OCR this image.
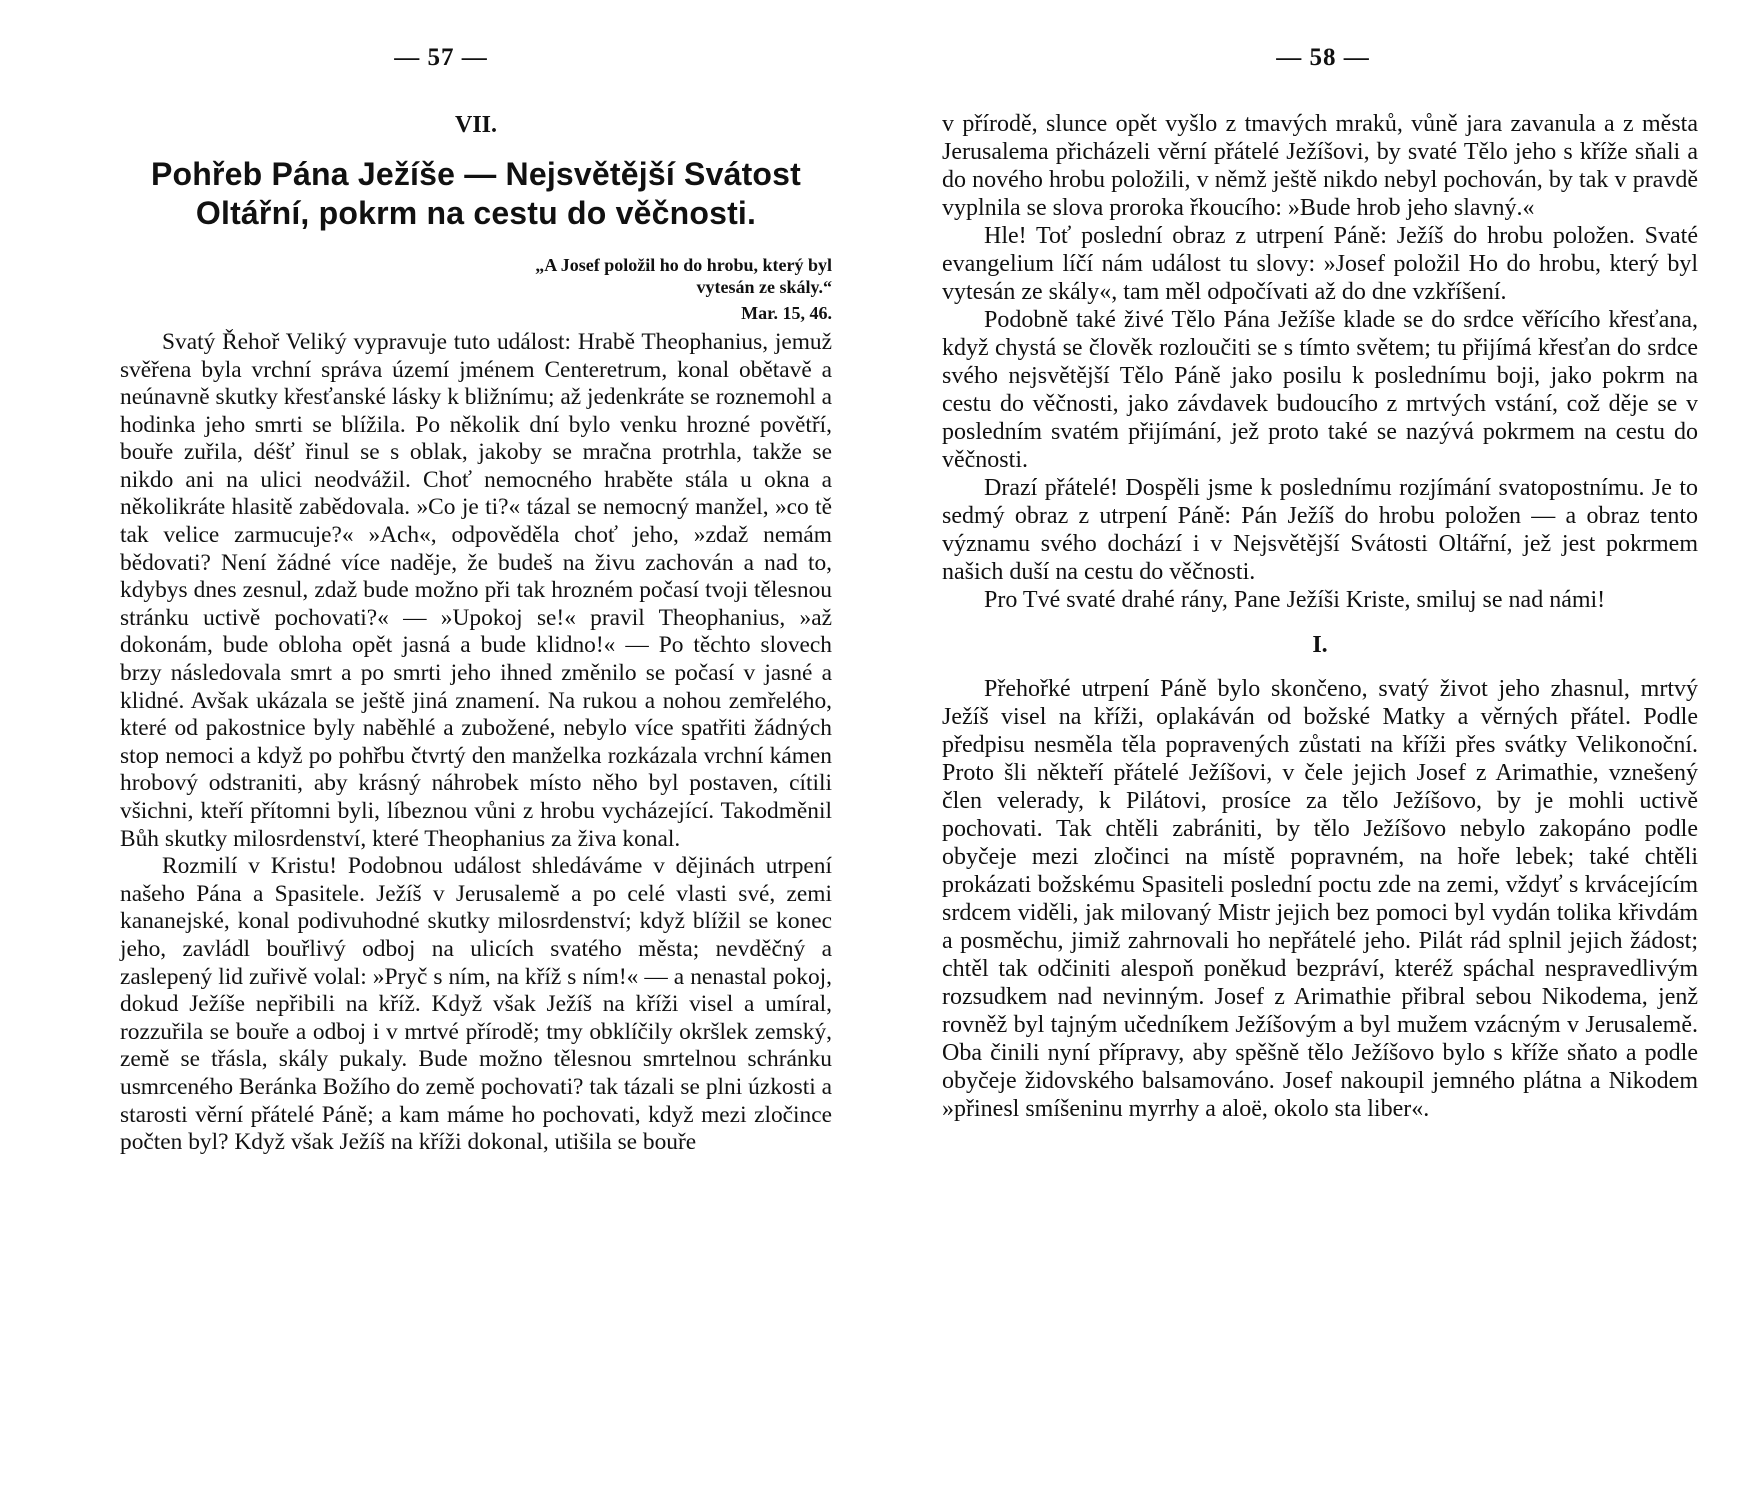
— 57 —
VII.
Pohřeb Pána Ježíše — Nejsvětější Svátost Oltářní, pokrm na cestu do věčnosti.
„A Josef položil ho do hrobu, který byl vytesán ze skály.“
Mar. 15, 46.

Svatý Řehoř Veliký vypravuje tuto událost: Hrabě Theophanius, jemuž svěřena byla vrchní správa území jménem Centeretrum, konal obětavě a neúnavně skutky křesťanské lásky k bližnímu; až jedenkráte se roznemohl a hodinka jeho smrti se blížila. Po několik dní bylo venku hrozné povětří, bouře zuřila, déšť řinul se s oblak, jakoby se mračna protrhla, takže se nikdo ani na ulici neodvážil. Choť nemocného hraběte stála u okna a několikráte hlasitě zabědovala. »Co je ti?« tázal se nemocný manžel, »co tě tak velice zarmucuje?« »Ach«, odpověděla choť jeho, »zdaž nemám bědovati? Není žádné více naděje, že budeš na živu zachován a nad to, kdybys dnes zesnul, zdaž bude možno při tak hrozném počasí tvoji tělesnou stránku uctivě pochovati?« — »Upokoj se!« pravil Theophanius, »až dokonám, bude obloha opět jasná a bude klidno!« — Po těchto slovech brzy následovala smrt a po smrti jeho ihned změnilo se počasí v jasné a klidné. Avšak ukázala se ještě jiná znamení. Na rukou a nohou zemřelého, které od pakostnice byly naběhlé a zubožené, nebylo více spatřiti žádných stop nemoci a když po pohřbu čtvrtý den manželka rozkázala vrchní kámen hrobový odstraniti, aby krásný náhrobek místo něho byl postaven, cítili všichni, kteří přítomni byli, líbeznou vůni z hrobu vycházející. Takodměnil Bůh skutky milosrdenství, které Theophanius za živa konal.

Rozmilí v Kristu! Podobnou událost shledáváme v dějinách utrpení našeho Pána a Spasitele. Ježíš v Jerusalemě a po celé vlasti své, zemi kananejské, konal podivuhodné skutky milosrdenství; když blížil se konec jeho, zavládl bouřlivý odboj na ulicích svatého města; nevděčný a zaslepený lid zuřivě volal: »Pryč s ním, na kříž s ním!« — a nenastal pokoj, dokud Ježíše nepřibili na kříž. Když však Ježíš na kříži visel a umíral, rozzuřila se bouře a odboj i v mrtvé přírodě; tmy obklíčily okršlek zemský, země se třásla, skály pukaly. Bude možno tělesnou smrtelnou schránku usmrceného Beránka Božího do země pochovati? tak tázali se plni úzkosti a starosti věrní přátelé Páně; a kam máme ho pochovati, když mezi zločince počten byl? Když však Ježíš na kříži dokonal, utišila se bouře

— 58 —

v přírodě, slunce opět vyšlo z tmavých mraků, vůně jara zavanula a z města Jerusalema přicházeli věrní přátelé Ježíšovi, by svaté Tělo jeho s kříže sňali a do nového hrobu položili, v němž ještě nikdo nebyl pochován, by tak v pravdě vyplnila se slova proroka řkoucího: »Bude hrob jeho slavný.«

Hle! Toť poslední obraz z utrpení Páně: Ježíš do hrobu položen. Svaté evangelium líčí nám událost tu slovy: »Josef položil Ho do hrobu, který byl vytesán ze skály«, tam měl odpočívati až do dne vzkříšení.

Podobně také živé Tělo Pána Ježíše klade se do srdce věřícího křesťana, když chystá se člověk rozloučiti se s tímto světem; tu přijímá křesťan do srdce svého nejsvětější Tělo Páně jako posilu k poslednímu boji, jako pokrm na cestu do věčnosti, jako závdavek budoucího z mrtvých vstání, což děje se v posledním svatém přijímání, jež proto také se nazývá pokrmem na cestu do věčnosti.

Drazí přátelé! Dospěli jsme k poslednímu rozjímání svatopostnímu. Je to sedmý obraz z utrpení Páně: Pán Ježíš do hrobu položen — a obraz tento významu svého dochází i v Nejsvětější Svátosti Oltářní, jež jest pokrmem našich duší na cestu do věčnosti.

Pro Tvé svaté drahé rány, Pane Ježíši Kriste, smiluj se nad námi!

I.

Přehořké utrpení Páně bylo skončeno, svatý život jeho zhasnul, mrtvý Ježíš visel na kříži, oplakáván od božské Matky a věrných přátel. Podle předpisu nesměla těla popravených zůstati na kříži přes svátky Velikonoční. Proto šli někteří přátelé Ježíšovi, v čele jejich Josef z Arimathie, vznešený člen velerady, k Pilátovi, prosíce za tělo Ježíšovo, by je mohli uctivě pochovati. Tak chtěli zabrániti, by tělo Ježíšovo nebylo zakopáno podle obyčeje mezi zločinci na místě popravném, na hoře lebek; také chtěli prokázati božskému Spasiteli poslední poctu zde na zemi, vždyť s krvácejícím srdcem viděli, jak milovaný Mistr jejich bez pomoci byl vydán tolika křivdám a posměchu, jimiž zahrnovali ho nepřátelé jeho. Pilát rád splnil jejich žádost; chtěl tak odčiniti alespoň poněkud bezpráví, kteréž spáchal nespravedlivým rozsudkem nad nevinným. Josef z Arimathie přibral sebou Nikodema, jenž rovněž byl tajným učedníkem Ježíšovým a byl mužem vzácným v Jerusalemě. Oba činili nyní přípravy, aby spěšně tělo Ježíšovo bylo s kříže sňato a podle obyčeje židovského balsamováno. Josef nakoupil jemného plátna a Nikodem »přinesl smíšeninu myrrhy a aloë, okolo sta liber«.
